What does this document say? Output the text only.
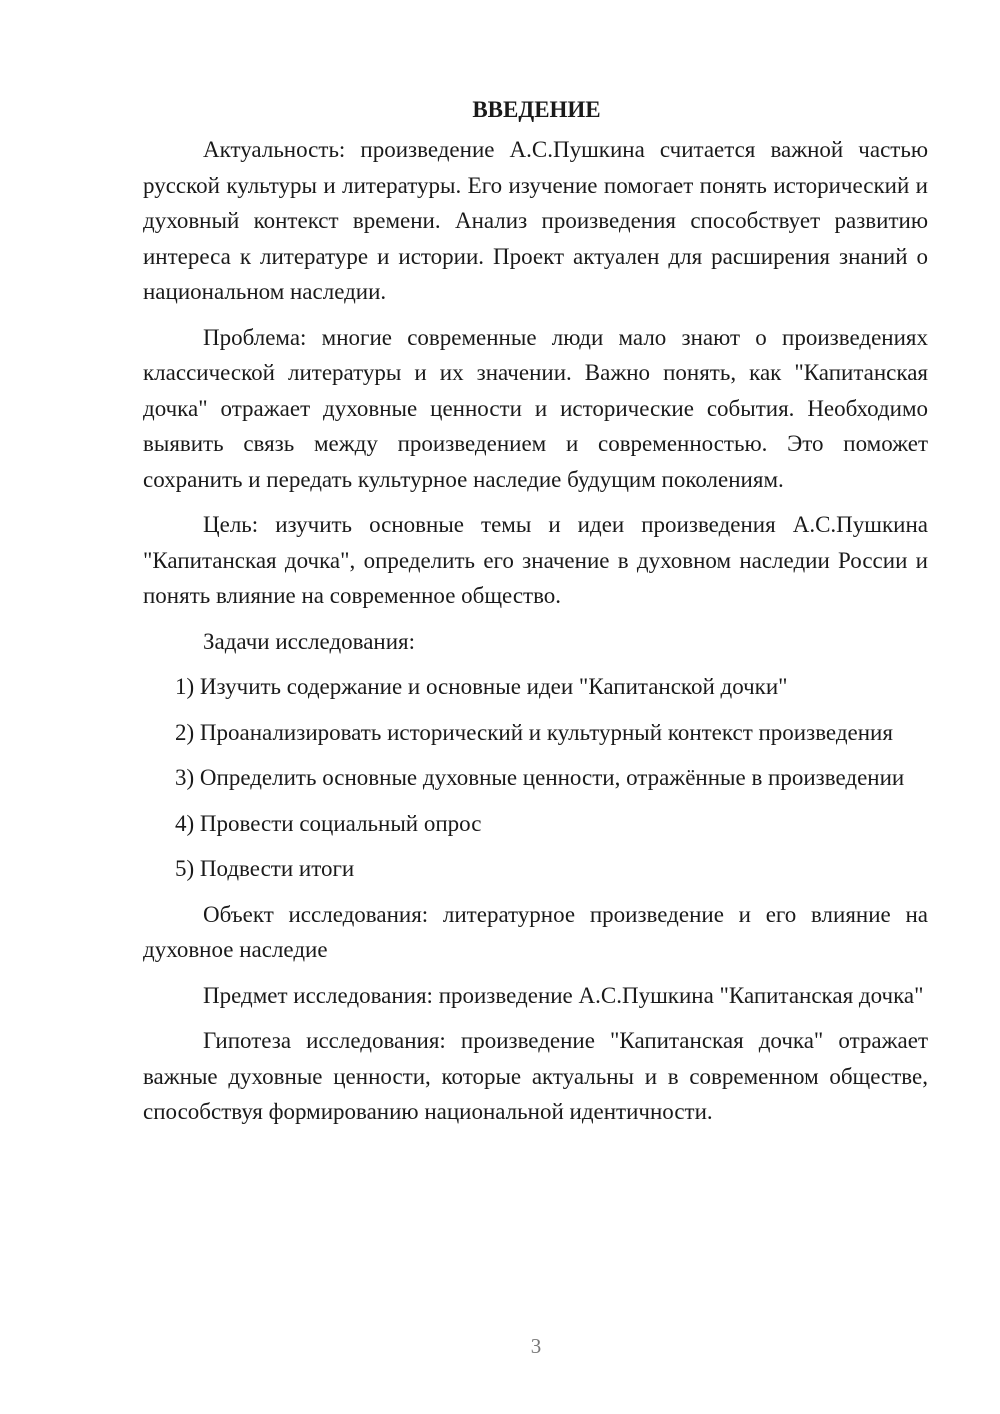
ВВЕДЕНИЕ

Актуальность: произведение А.С.Пушкина считается важной частью русской культуры и литературы. Его изучение помогает понять исторический и духовный контекст времени. Анализ произведения способствует развитию интереса к литературе и истории. Проект актуален для расширения знаний о национальном наследии.

Проблема: многие современные люди мало знают о произведениях классической литературы и их значении. Важно понять, как "Капитанская дочка" отражает духовные ценности и исторические события. Необходимо выявить связь между произведением и современностью. Это поможет сохранить и передать культурное наследие будущим поколениям.

Цель: изучить основные темы и идеи произведения А.С.Пушкина "Капитанская дочка", определить его значение в духовном наследии России и понять влияние на современное общество.

Задачи исследования:

1) Изучить содержание и основные идеи "Капитанской дочки"

2) Проанализировать исторический и культурный контекст произведения

3) Определить основные духовные ценности, отражённые в произведении

4) Провести социальный опрос

5) Подвести итоги

Объект исследования: литературное произведение и его влияние на духовное наследие

Предмет исследования: произведение А.С.Пушкина "Капитанская дочка"

Гипотеза исследования: произведение "Капитанская дочка" отражает важные духовные ценности, которые актуальны и в современном обществе, способствуя формированию национальной идентичности.

3
